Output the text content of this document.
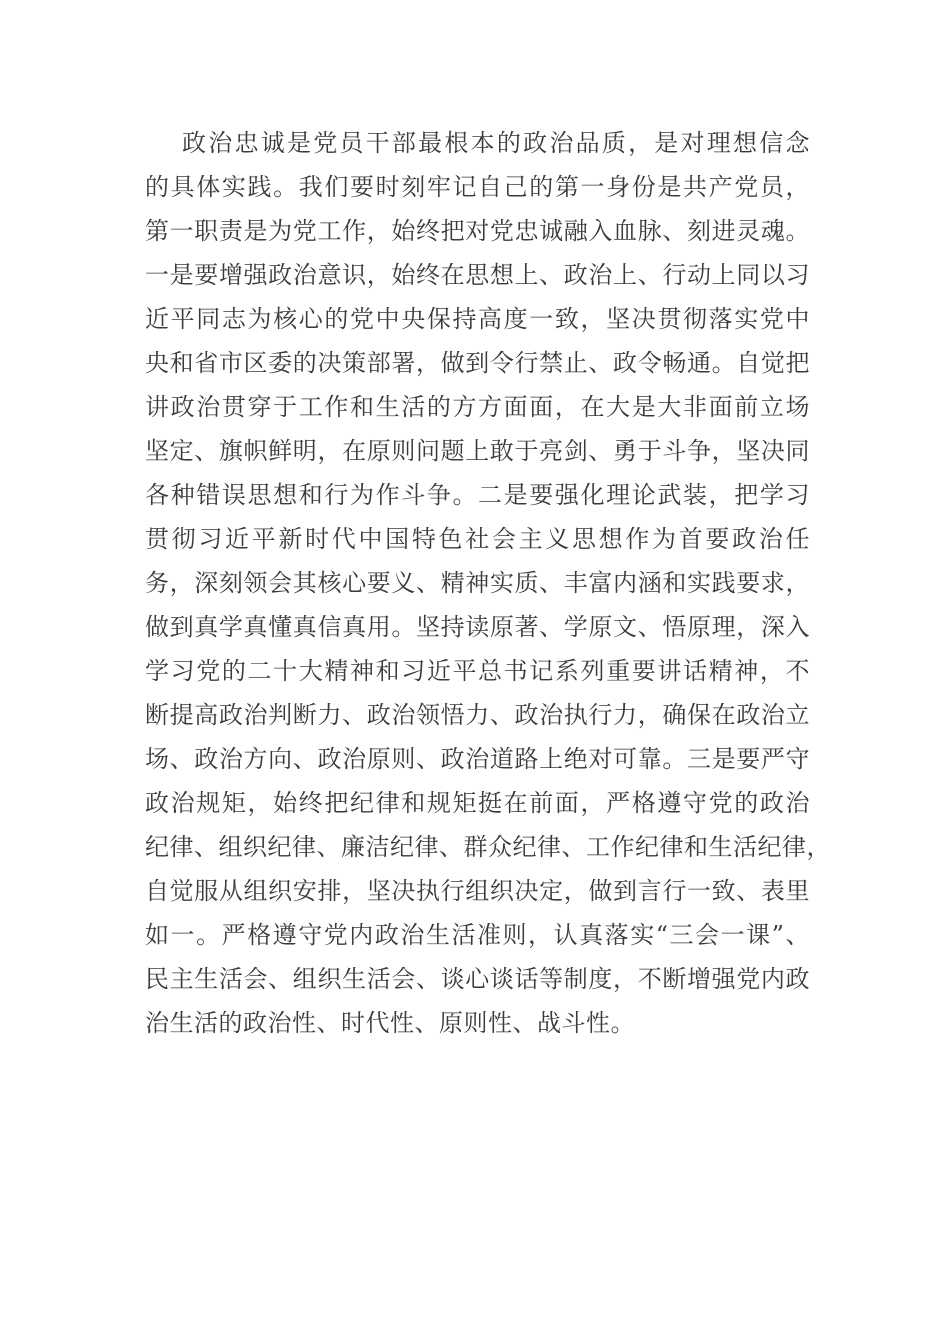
政治忠诚是党员干部最根本的政治品质，是对理想信念
的具体实践。我们要时刻牢记自己的第一身份是共产党员，
第一职责是为党工作，始终把对党忠诚融入血脉、刻进灵魂。
一是要增强政治意识，始终在思想上、政治上、行动上同以习
近平同志为核心的党中央保持高度一致，坚决贯彻落实党中
央和省市区委的决策部署，做到令行禁止、政令畅通。自觉把
讲政治贯穿于工作和生活的方方面面，在大是大非面前立场
坚定、旗帜鲜明，在原则问题上敢于亮剑、勇于斗争，坚决同
各种错误思想和行为作斗争。二是要强化理论武装，把学习
贯彻习近平新时代中国特色社会主义思想作为首要政治任
务，深刻领会其核心要义、精神实质、丰富内涵和实践要求，
做到真学真懂真信真用。坚持读原著、学原文、悟原理，深入
学习党的二十大精神和习近平总书记系列重要讲话精神，不
断提高政治判断力、政治领悟力、政治执行力，确保在政治立
场、政治方向、政治原则、政治道路上绝对可靠。三是要严守
政治规矩，始终把纪律和规矩挺在前面，严格遵守党的政治
纪律、组织纪律、廉洁纪律、群众纪律、工作纪律和生活纪律，
自觉服从组织安排，坚决执行组织决定，做到言行一致、表里
如一。严格遵守党内政治生活准则，认真落实“三会一课”、
民主生活会、组织生活会、谈心谈话等制度，不断增强党内政
治生活的政治性、时代性、原则性、战斗性。
